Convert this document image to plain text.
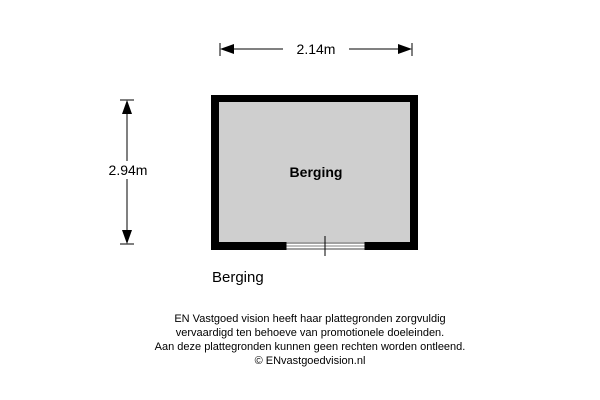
2.14m
2.94m	Berging
Berging
EN Vastgoed vision heeft haar plattegronden zorgvuldig
vervaardigd ten behoeve van promotionele doeleinden.
Aan deze plattegronden kunnen geen rechten worden ontleend.
© ENvastgoedvision.nl
